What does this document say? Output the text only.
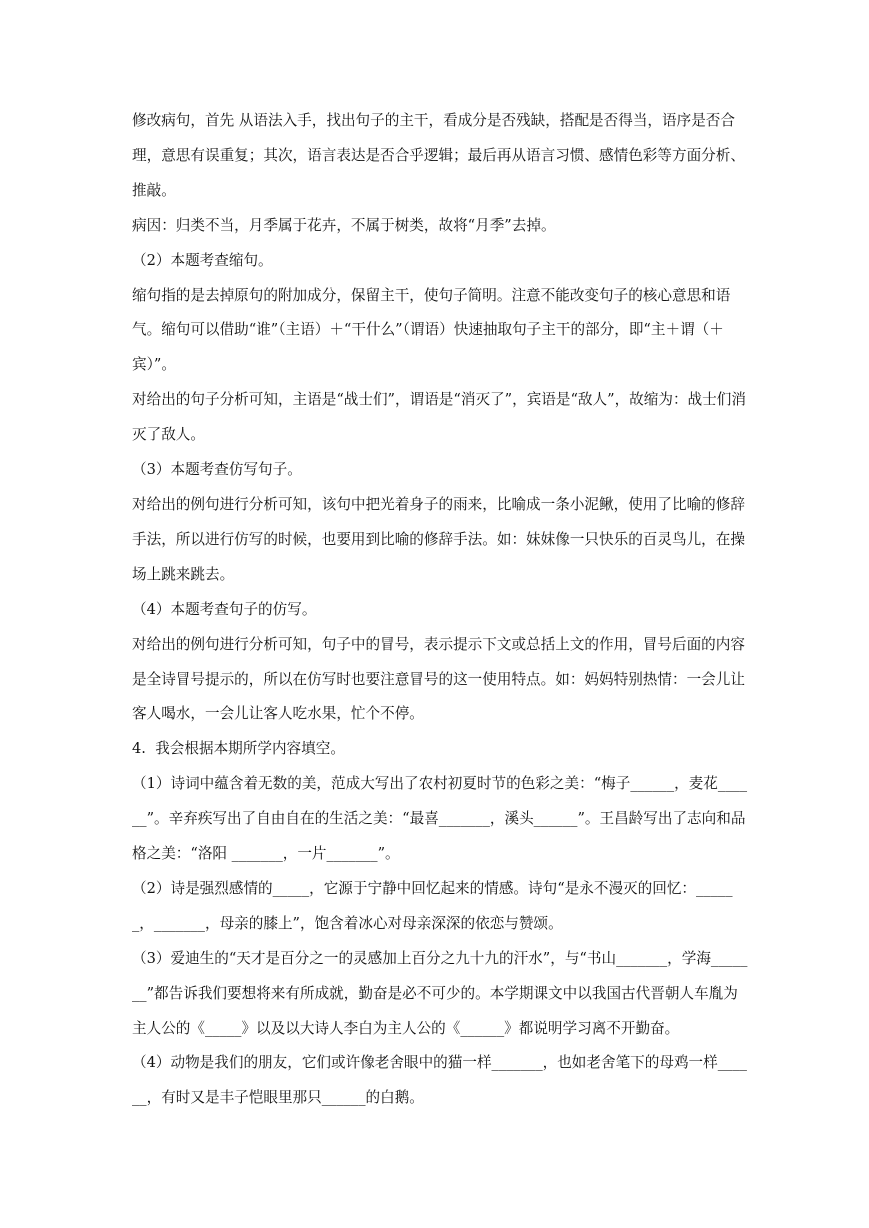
修改病句，首先 从语法入手，找出句子的主干，看成分是否残缺，搭配是否得当，语序是否合理，意思有误重复；其次，语言表达是否合乎逻辑；最后再从语言习惯、感情色彩等方面分析、推敲。

病因：归类不当，月季属于花卉，不属于树类，故将“月季”去掉。

（2）本题考查缩句。

缩句指的是去掉原句的附加成分，保留主干，使句子简明。注意不能改变句子的核心意思和语气。缩句可以借助“谁”（主语）＋“干什么”（谓语）快速抽取句子主干的部分，即“主＋谓（＋宾）”。

对给出的句子分析可知，主语是“战士们”，谓语是“消灭了”，宾语是“敌人”，故缩为：战士们消灭了敌人。

（3）本题考查仿写句子。

对给出的例句进行分析可知，该句中把光着身子的雨来，比喻成一条小泥鳅，使用了比喻的修辞手法，所以进行仿写的时候，也要用到比喻的修辞手法。如：妹妹像一只快乐的百灵鸟儿，在操场上跳来跳去。

（4）本题考查句子的仿写。

对给出的例句进行分析可知，句子中的冒号，表示提示下文或总括上文的作用，冒号后面的内容是全诗冒号提示的，所以在仿写时也要注意冒号的这一使用特点。如：妈妈特别热情：一会儿让客人喝水，一会儿让客人吃水果，忙个不停。

4.  我会根据本期所学内容填空。

（1）诗词中蕴含着无数的美，范成大写出了农村初夏时节的色彩之美：“梅子______，麦花______”。辛弃疾写出了自由自在的生活之美：“最喜_______，溪头______”。王昌龄写出了志向和品格之美：“洛阳 _______，一片_______”。

（2）诗是强烈感情的_____，它源于宁静中回忆起来的情感。诗句“是永不漫灭的回忆：______，_______，母亲的膝上”，饱含着冰心对母亲深深的依恋与赞颂。

（3）爱迪生的“天才是百分之一的灵感加上百分之九十九的汗水”，与“书山_______，学海_______”都告诉我们要想将来有所成就，勤奋是必不可少的。本学期课文中以我国古代晋朝人车胤为主人公的《_____》以及以大诗人李白为主人公的《______》都说明学习离不开勤奋。

（4）动物是我们的朋友，它们或许像老舍眼中的猫一样_______，也如老舍笔下的母鸡一样______，有时又是丰子恺眼里那只______的白鹅。
